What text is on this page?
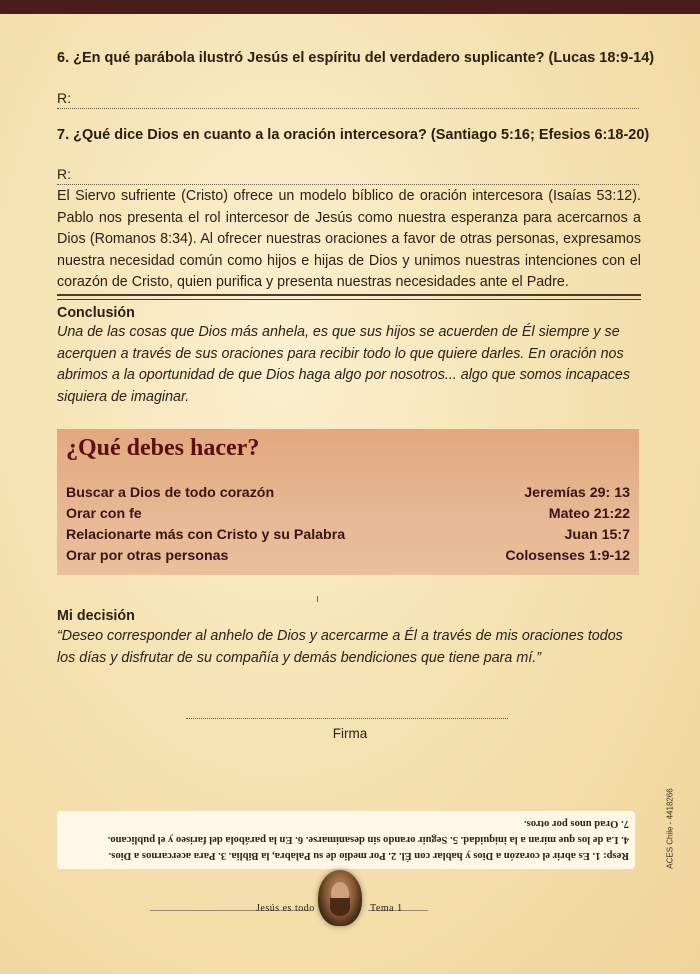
6. ¿En qué parábola ilustró Jesús el espíritu del verdadero suplicante? (Lucas 18:9-14)
R:
7. ¿Qué dice Dios en cuanto a la oración intercesora? (Santiago 5:16; Efesios 6:18-20)
R:
El Siervo sufriente (Cristo) ofrece un modelo bíblico de oración intercesora (Isaías 53:12). Pablo nos presenta el rol intercesor de Jesús como nuestra esperanza para acercarnos a Dios (Romanos 8:34). Al ofrecer nuestras oraciones a favor de otras personas, expresamos nuestra necesidad común como hijos e hijas de Dios y unimos nuestras intenciones con el corazón de Cristo, quien purifica y presenta nuestras necesidades ante el Padre.
Conclusión
Una de las cosas que Dios más anhela, es que sus hijos se acuerden de Él siempre y se acerquen a través de sus oraciones para recibir todo lo que quiere darles. En oración nos abrimos a la oportunidad de que Dios haga algo por nosotros... algo que somos incapaces siquiera de imaginar.
¿Qué debes hacer?
Buscar a Dios de todo corazón	Jeremías 29: 13
Orar con fe	Mateo 21:22
Relacionarte más con Cristo y su Palabra	Juan 15:7
Orar por otras personas	Colosenses 1:9-12
ı
Mi decisión
“Deseo corresponder al anhelo de Dios y acercarme a Él a través de mis oraciones todos los días y disfrutar de su compañía y demás bendiciones que tiene para mí.”
Firma
Resp: 1. Es abrir el corazón a Dios y hablar con Él. 2. Por medio de su Palabra, la Biblia. 3. Para acercarnos a Dios.
4. La de los que miran a la iniquidad. 5. Seguir orando sin desanimarse. 6. En la parábola del fariseo y el publicano.
7. Orad unos por otros.	ACES Chile - 4418266
Jesús es todo	Tema 1
